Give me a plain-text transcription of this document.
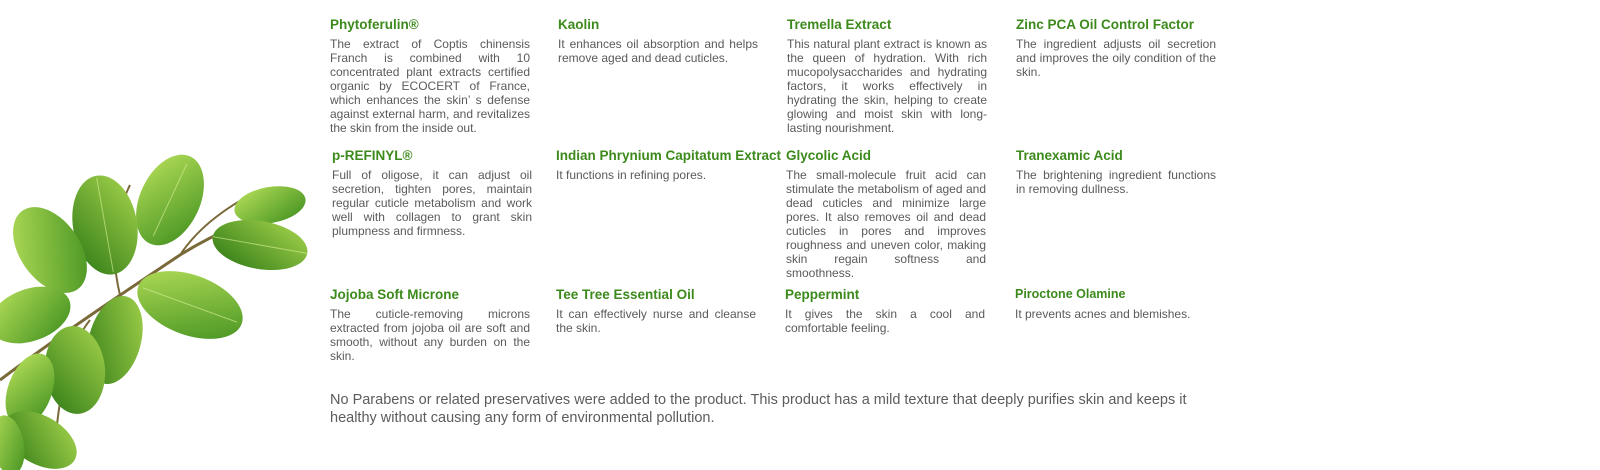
Phytoferulin®

The extract of Coptis chinensis Franch is combined with 10 concentrated plant extracts certified organic by ECOCERT of France, which enhances the skin’ s defense against external harm, and revitalizes the skin from the inside out.

Kaolin

It enhances oil absorption and helps remove aged and dead cuticles.

Tremella Extract

This natural plant extract is known as the queen of hydration. With rich mucopolysaccharides and hydrating factors, it works effectively in hydrating the skin, helping to create glowing and moist skin with long-lasting nourishment.

Zinc PCA Oil Control Factor

The ingredient adjusts oil secretion and improves the oily condition of the skin.

p-REFINYL®

Full of oligose, it can adjust oil secretion, tighten pores, maintain regular cuticle metabolism and work well with collagen to grant skin plumpness and firmness.

Indian Phrynium Capitatum Extract

It functions in refining pores.

Glycolic Acid

The small-molecule fruit acid can stimulate the metabolism of aged and dead cuticles and minimize large pores. It also removes oil and dead cuticles in pores and improves roughness and uneven color, making skin regain softness and smoothness.

Tranexamic Acid

The brightening ingredient functions in removing dullness.

Jojoba Soft Microne

The cuticle-removing microns extracted from jojoba oil are soft and smooth, without any burden on the skin.

Tee Tree Essential Oil

It can effectively nurse and cleanse the skin.

Peppermint

It gives the skin a cool and comfortable feeling.

Piroctone Olamine

It prevents acnes and blemishes.

No Parabens or related preservatives were added to the product. This product has a mild texture that deeply purifies skin and keeps it healthy without causing any form of environmental pollution.
